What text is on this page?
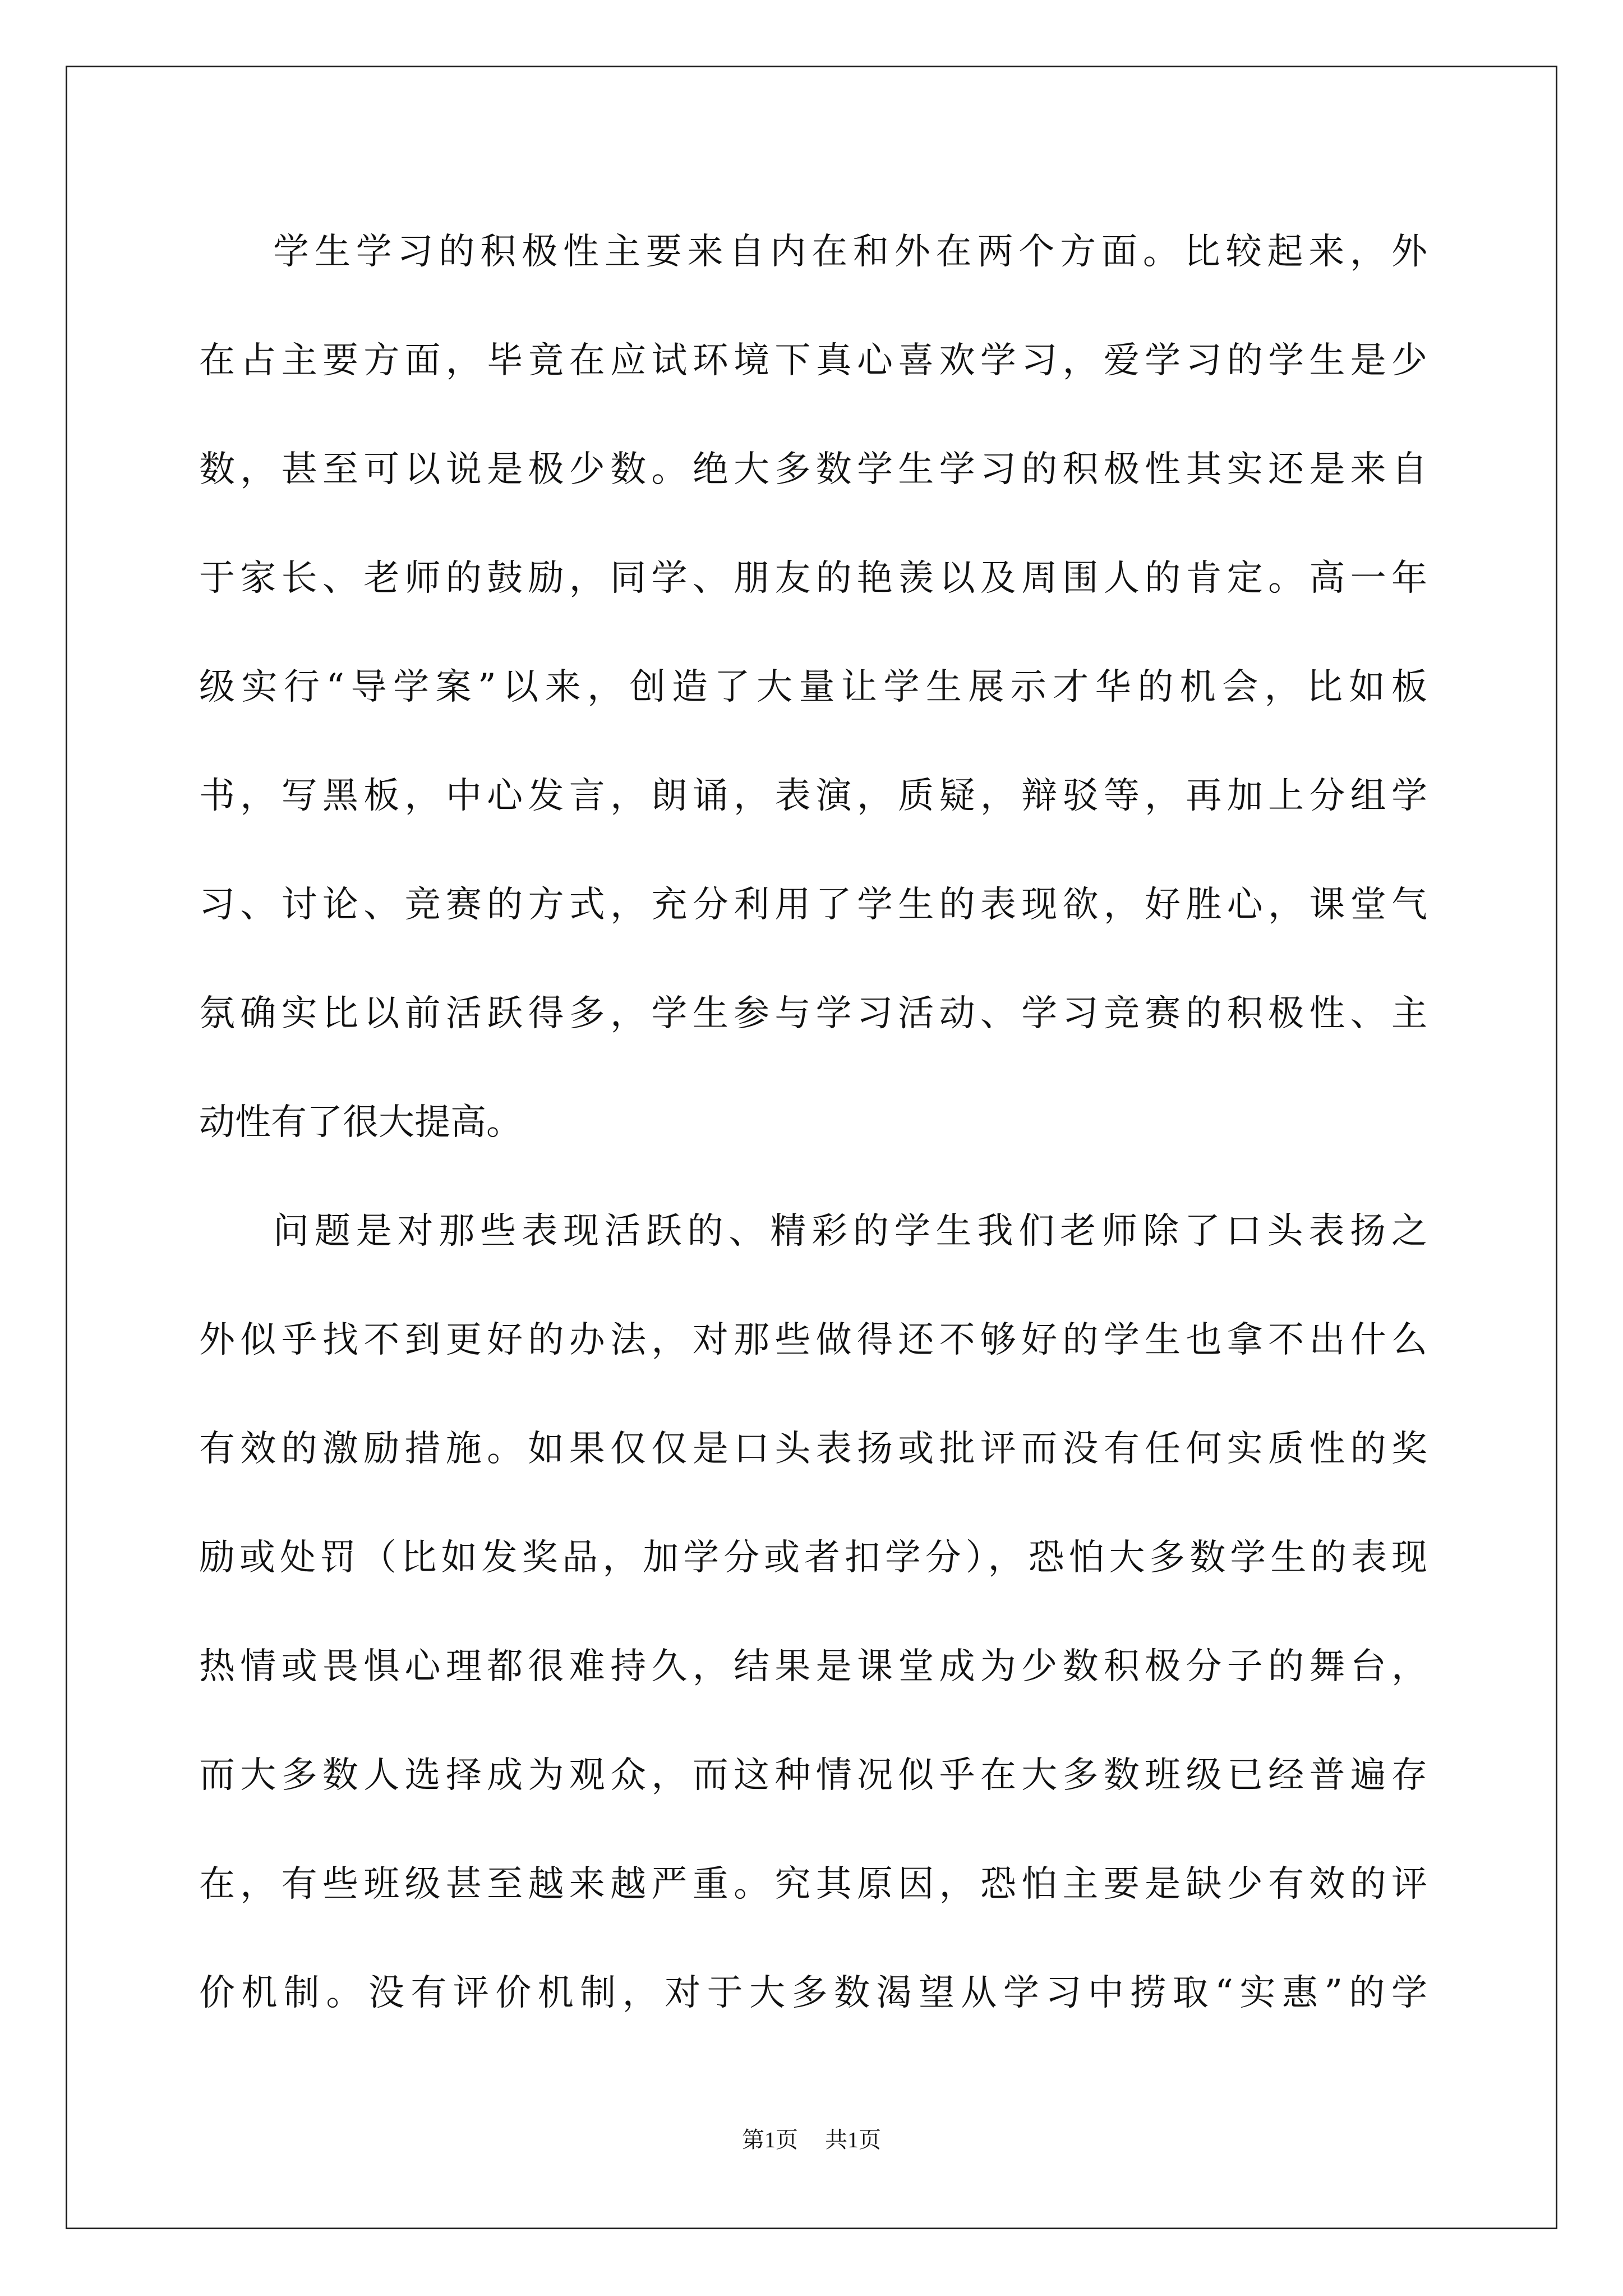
学生学习的积极性主要来自内在和外在两个方面。比较起来，外
在占主要方面，毕竟在应试环境下真心喜欢学习，爱学习的学生是少
数，甚至可以说是极少数。绝大多数学生学习的积极性其实还是来自
于家长、老师的鼓励，同学、朋友的艳羡以及周围人的肯定。高一年
级实行“导学案”以来，创造了大量让学生展示才华的机会，比如板
书，写黑板，中心发言，朗诵，表演，质疑，辩驳等，再加上分组学
习、讨论、竞赛的方式，充分利用了学生的表现欲，好胜心，课堂气
氛确实比以前活跃得多，学生参与学习活动、学习竞赛的积极性、主
动性有了很大提高。
问题是对那些表现活跃的、精彩的学生我们老师除了口头表扬之
外似乎找不到更好的办法，对那些做得还不够好的学生也拿不出什么
有效的激励措施。如果仅仅是口头表扬或批评而没有任何实质性的奖
励或处罚（比如发奖品，加学分或者扣学分），恐怕大多数学生的表现
热情或畏惧心理都很难持久，结果是课堂成为少数积极分子的舞台，
而大多数人选择成为观众，而这种情况似乎在大多数班级已经普遍存
在，有些班级甚至越来越严重。究其原因，恐怕主要是缺少有效的评
价机制。没有评价机制，对于大多数渴望从学习中捞取“实惠”的学
第1页 共1页
